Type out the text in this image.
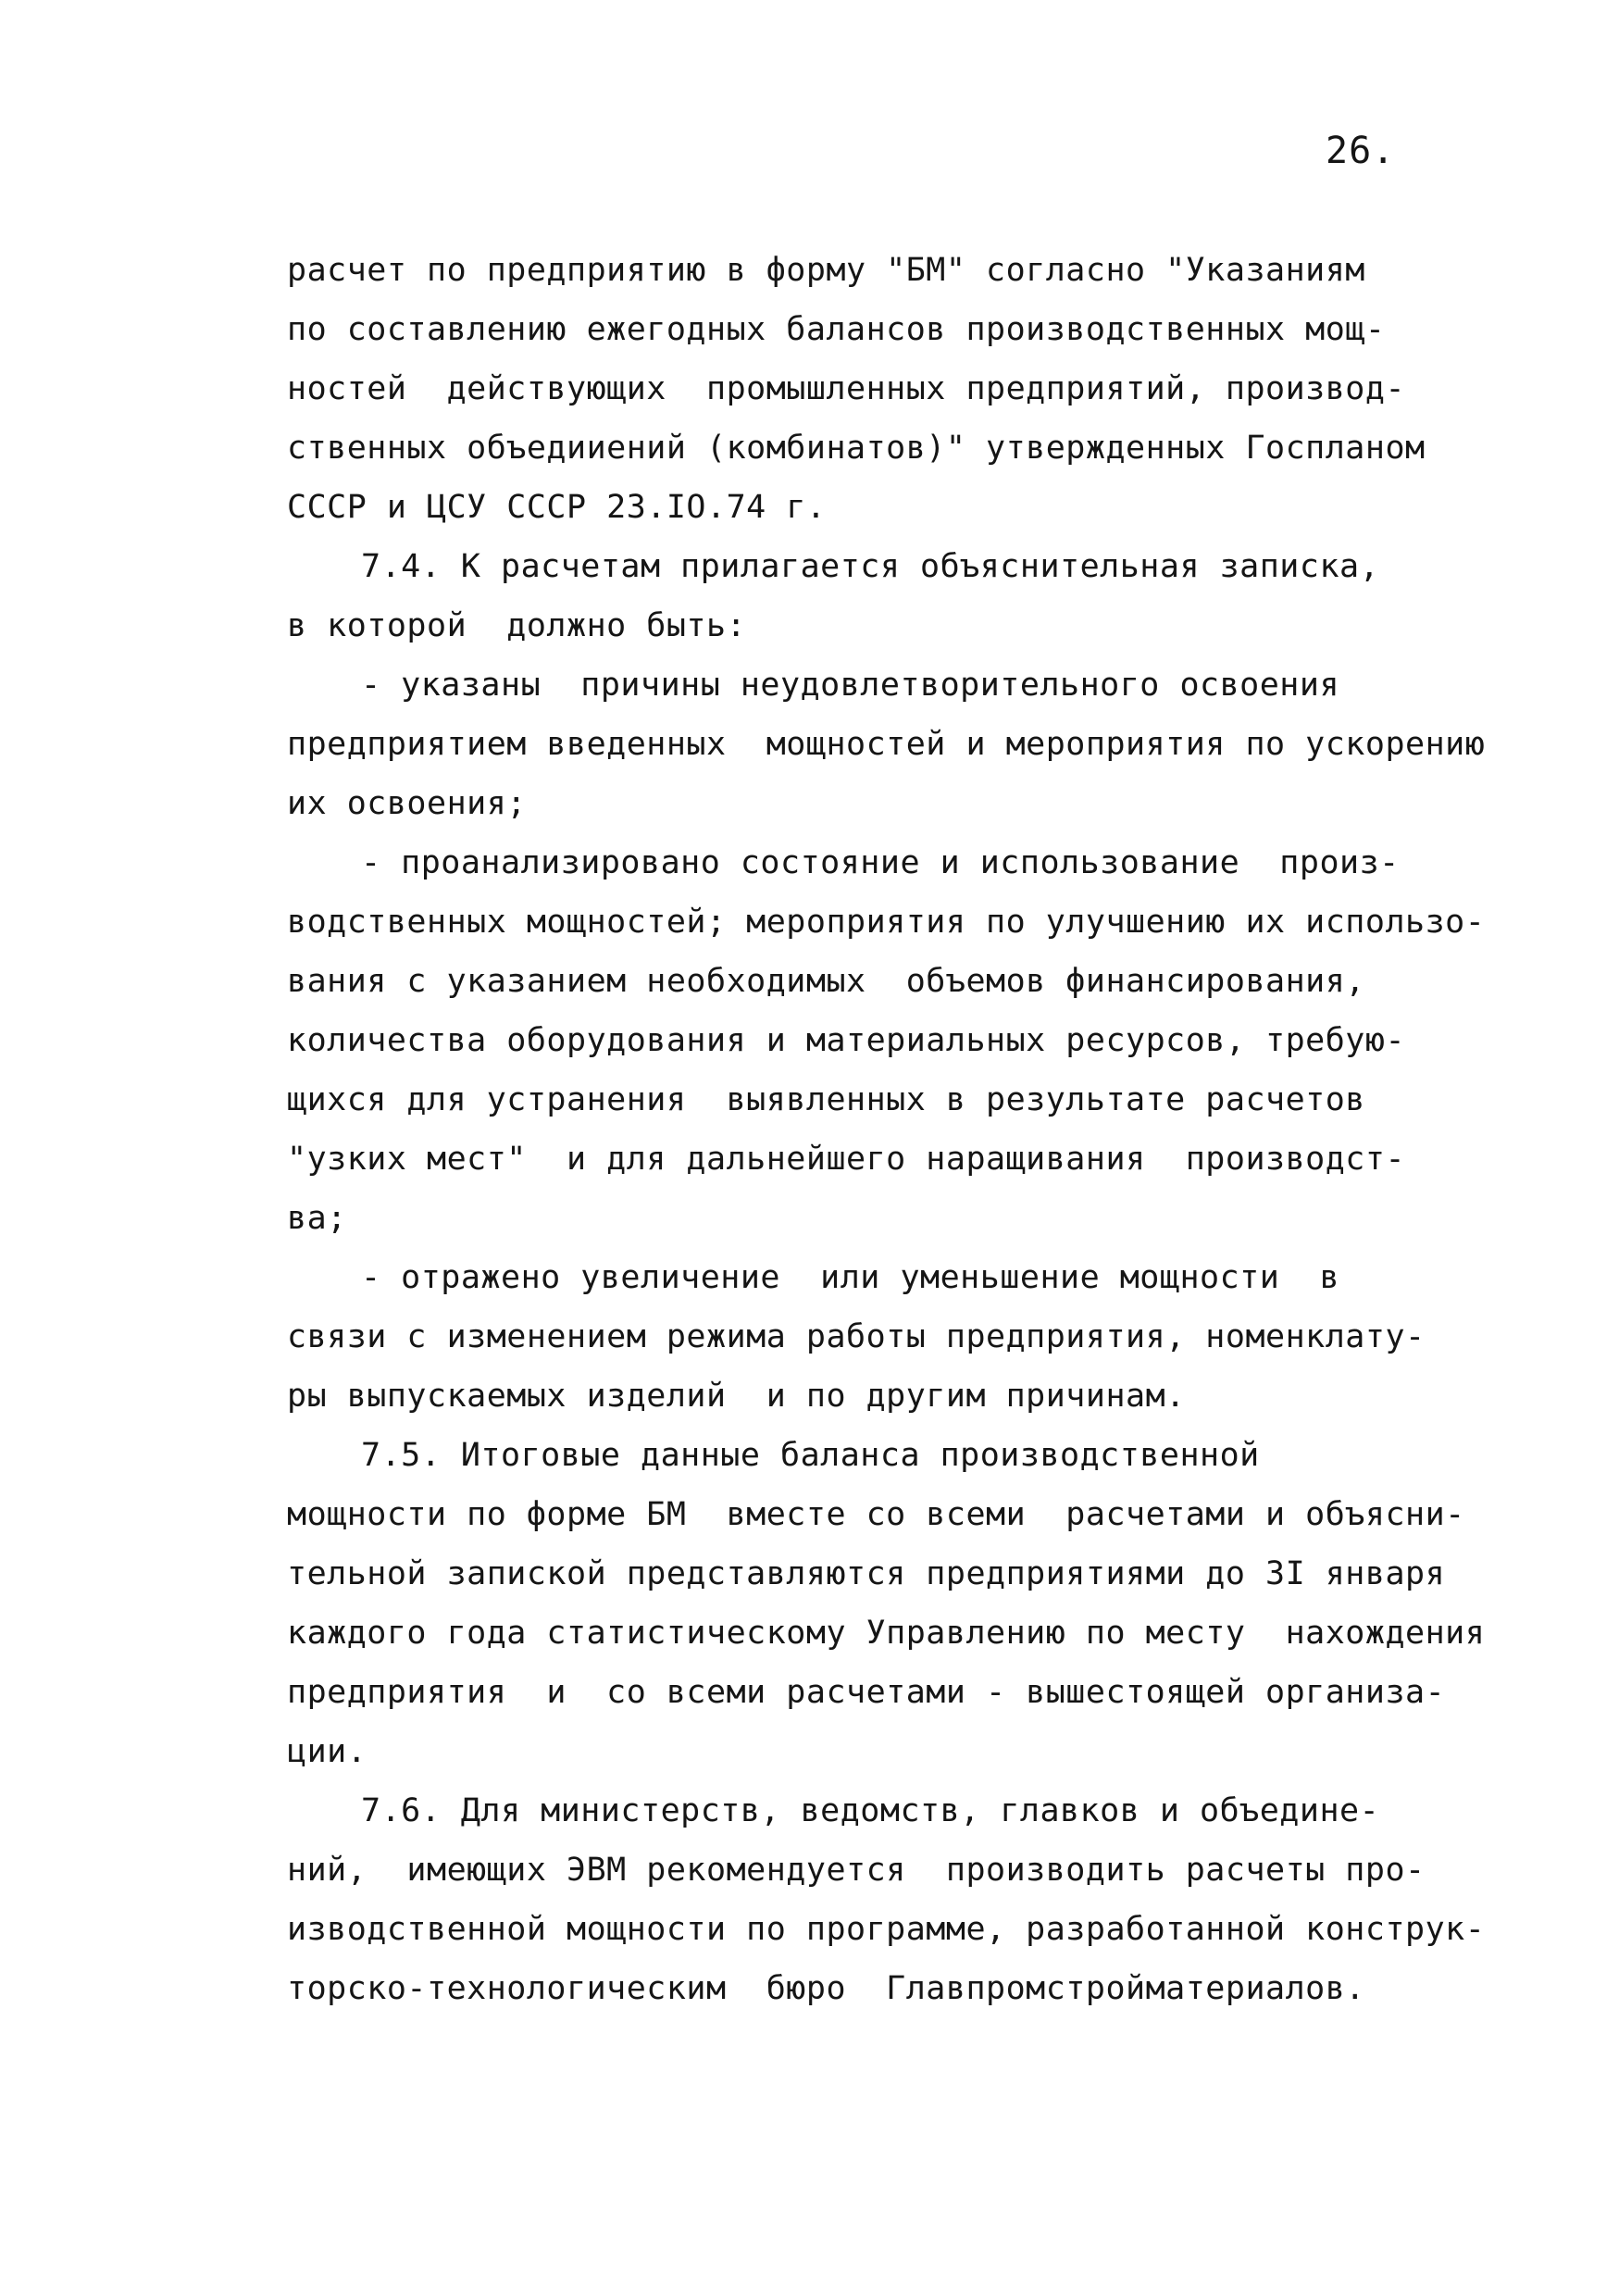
26.
расчет по предприятию в форму "БМ" согласно "Указаниям
по составлению ежегодных балансов производственных мощ-
ностей  действующих  промышленных предприятий, производ-
ственных объедииений (комбинатов)" утвержденных Госпланом
СССР и ЦСУ СССР 23.IO.74 г.
7.4. К расчетам прилагается объяснительная записка,
в которой  должно быть:
- указаны  причины неудовлетворительного освоения
предприятием введенных  мощностей и мероприятия по ускорению
их освоения;
- проанализировано состояние и использование  произ-
водственных мощностей; мероприятия по улучшению их использо-
вания с указанием необходимых  объемов финансирования,
количества оборудования и материальных ресурсов, требую-
щихся для устранения  выявленных в результате расчетов
"узких мест"  и для дальнейшего наращивания  производст-
ва;
- отражено увеличение  или уменьшение мощности  в
связи с изменением режима работы предприятия, номенклату-
ры выпускаемых изделий  и по другим причинам.
7.5. Итоговые данные баланса производственной
мощности по форме БМ  вместе со всеми  расчетами и объясни-
тельной запиской представляются предприятиями до 3I января
каждого года статистическому Управлению по месту  нахождения
предприятия  и  со всеми расчетами - вышестоящей организа-
ции.
7.6. Для министерств, ведомств, главков и объедине-
ний,  имеющих ЭВМ рекомендуется  производить расчеты про-
изводственной мощности по программе, разработанной конструк-
торско-технологическим  бюро  Главпромстройматериалов.
